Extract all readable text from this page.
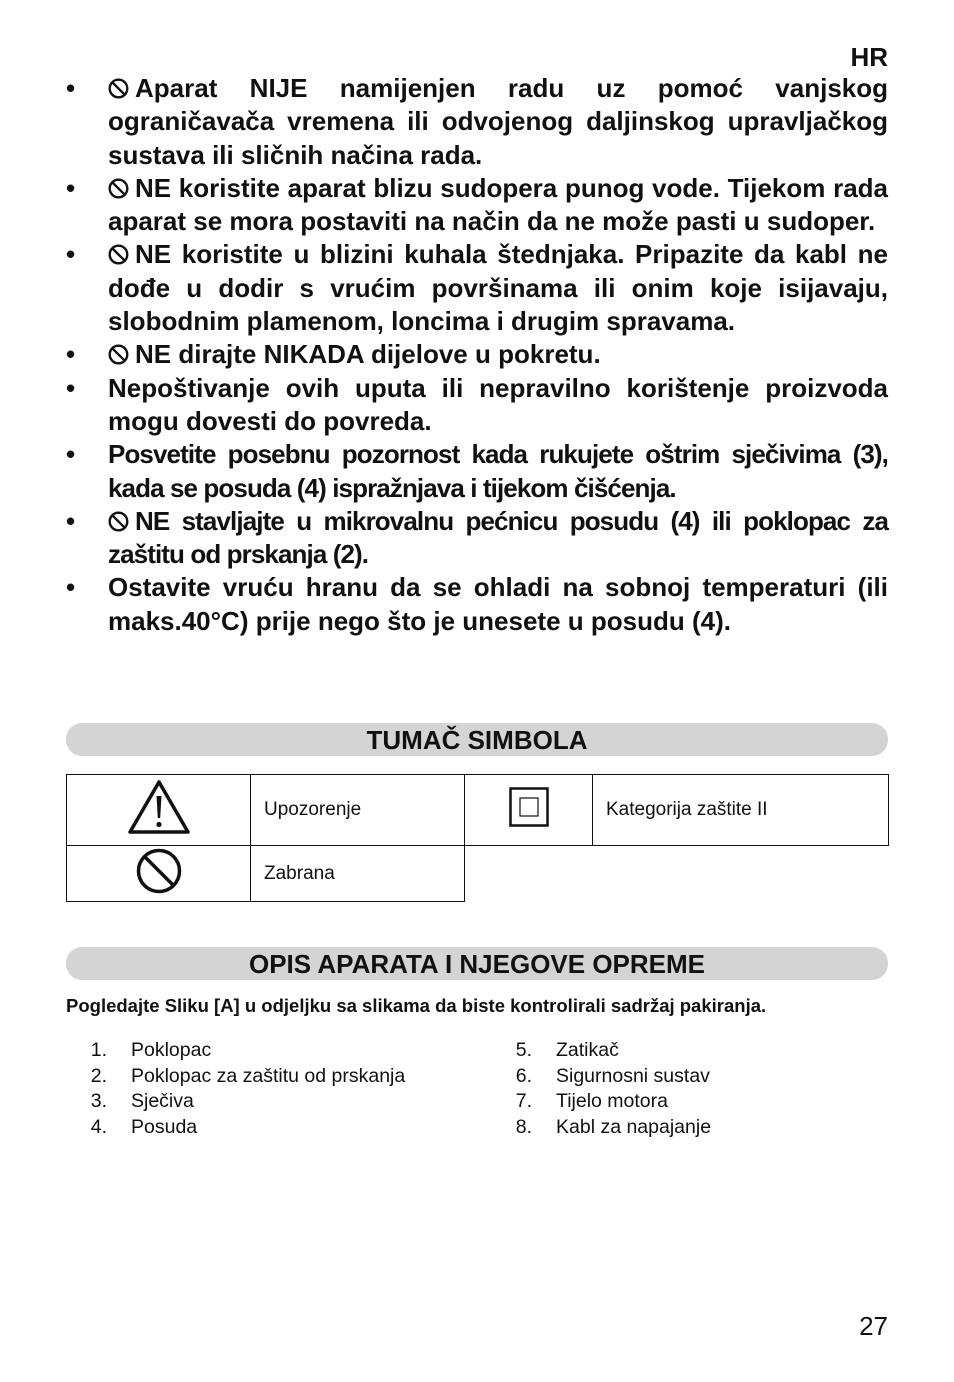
HR
• Aparat NIJE namijenjen radu uz pomoć vanjskog ograničavača vremena ili odvojenog daljinskog upravljačkog sustava ili sličnih načina rada.
• NE koristite aparat blizu sudopera punog vode. Tijekom rada aparat se mora postaviti na način da ne može pasti u sudoper.
• NE koristite u blizini kuhala štednjaka. Pripazite da kabl ne dođe u dodir s vrućim površinama ili onim koje isijavaju, slobodnim plamenom, loncima i drugim spravama.
• NE dirajte NIKADA dijelove u pokretu.
• Nepoštivanje ovih uputa ili nepravilno korištenje proizvoda mogu dovesti do povreda.
• Posvetite posebnu pozornost kada rukujete oštrim sječivima (3), kada se posuda (4) ispražnjava i tijekom čišćenja.
• NE stavljajte u mikrovalnu pećnicu posudu (4) ili poklopac za zaštitu od prskanja (2).
• Ostavite vruću hranu da se ohladi na sobnoj temperaturi (ili maks.40°C) prije nego što je unesete u posudu (4).
TUMAČ SIMBOLA
	Upozorenje		Kategorija zaštite II
	Zabrana		
OPIS APARATA I NJEGOVE OPREME
Pogledajte Sliku [A] u odjeljku sa slikama da biste kontrolirali sadržaj pakiranja.
1. Poklopac
2. Poklopac za zaštitu od prskanja
3. Sječiva
4. Posuda
5. Zatikač
6. Sigurnosni sustav
7. Tijelo motora
8. Kabl za napajanje
27
